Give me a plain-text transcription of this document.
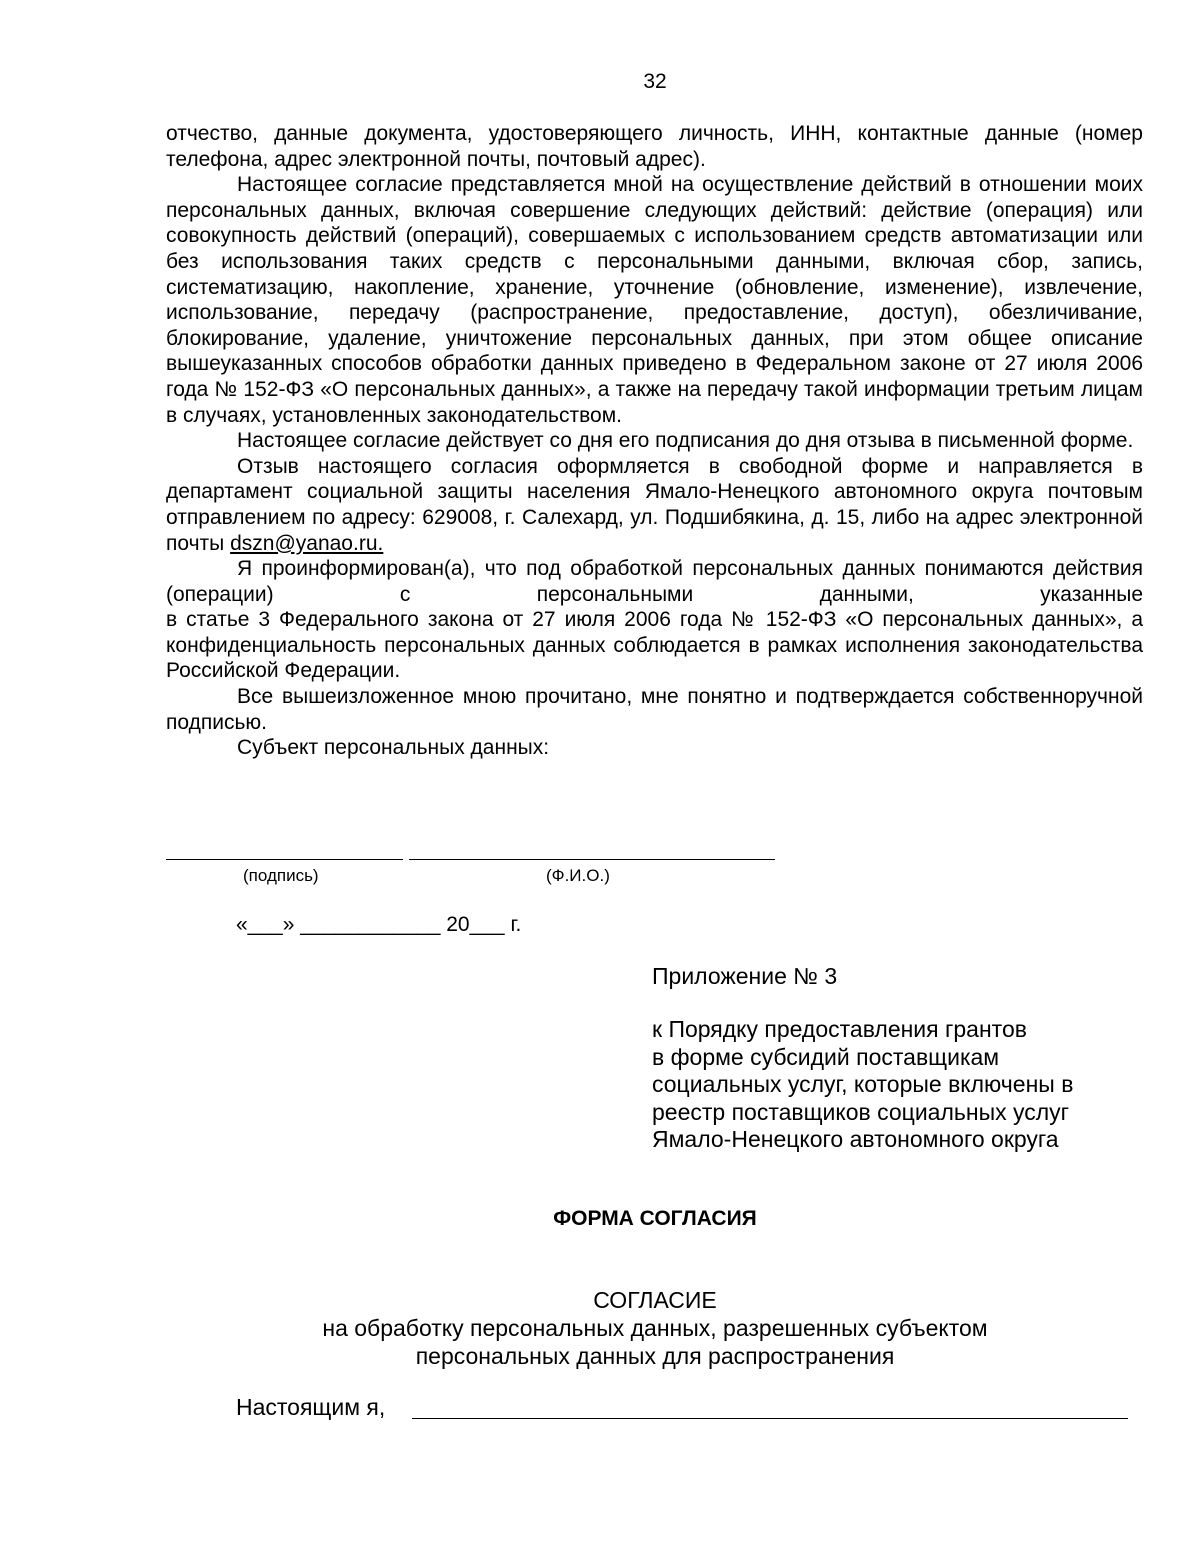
32

отчество, данные документа, удостоверяющего личность, ИНН, контактные данные (номер телефона, адрес электронной почты, почтовый адрес).

Настоящее согласие представляется мной на осуществление действий в отношении моих персональных данных, включая совершение следующих действий: действие (операция) или совокупность действий (операций), совершаемых с использованием средств автоматизации или без использования таких средств с персональными данными, включая сбор, запись, систематизацию, накопление, хранение, уточнение (обновление, изменение), извлечение, использование, передачу (распространение, предоставление, доступ), обезличивание, блокирование, удаление, уничтожение персональных данных, при этом общее описание вышеуказанных способов обработки данных приведено в Федеральном законе от 27 июля 2006 года № 152-ФЗ «О персональных данных», а также на передачу такой информации третьим лицам в случаях, установленных законодательством.

Настоящее согласие действует со дня его подписания до дня отзыва в письменной форме.

Отзыв настоящего согласия оформляется в свободной форме и направляется в департамент социальной защиты населения Ямало-Ненецкого автономного округа почтовым отправлением по адресу: 629008, г. Салехард, ул. Подшибякина, д. 15, либо на адрес электронной почты dszn@yanao.ru.

Я проинформирован(а), что под обработкой персональных данных понимаются действия (операции) с персональными данными, указанные

в статье 3 Федерального закона от 27 июля 2006 года № 152-ФЗ «О персональных данных», а конфиденциальность персональных данных соблюдается в рамках исполнения законодательства Российской Федерации.

Все вышеизложенное мною прочитано, мне понятно и подтверждается собственноручной подписью.

Субъект персональных данных:

(подпись)	(Ф.И.О.)
«___» ____________ 20___ г.
Приложение № 3
к Порядку предоставления грантов
в форме субсидий поставщикам
социальных услуг, которые включены в
реестр поставщиков социальных услуг
Ямало-Ненецкого автономного округа
ФОРМА СОГЛАСИЯ
СОГЛАСИЕ
на обработку персональных данных, разрешенных субъектом
персональных данных для распространения
Настоящим я,
